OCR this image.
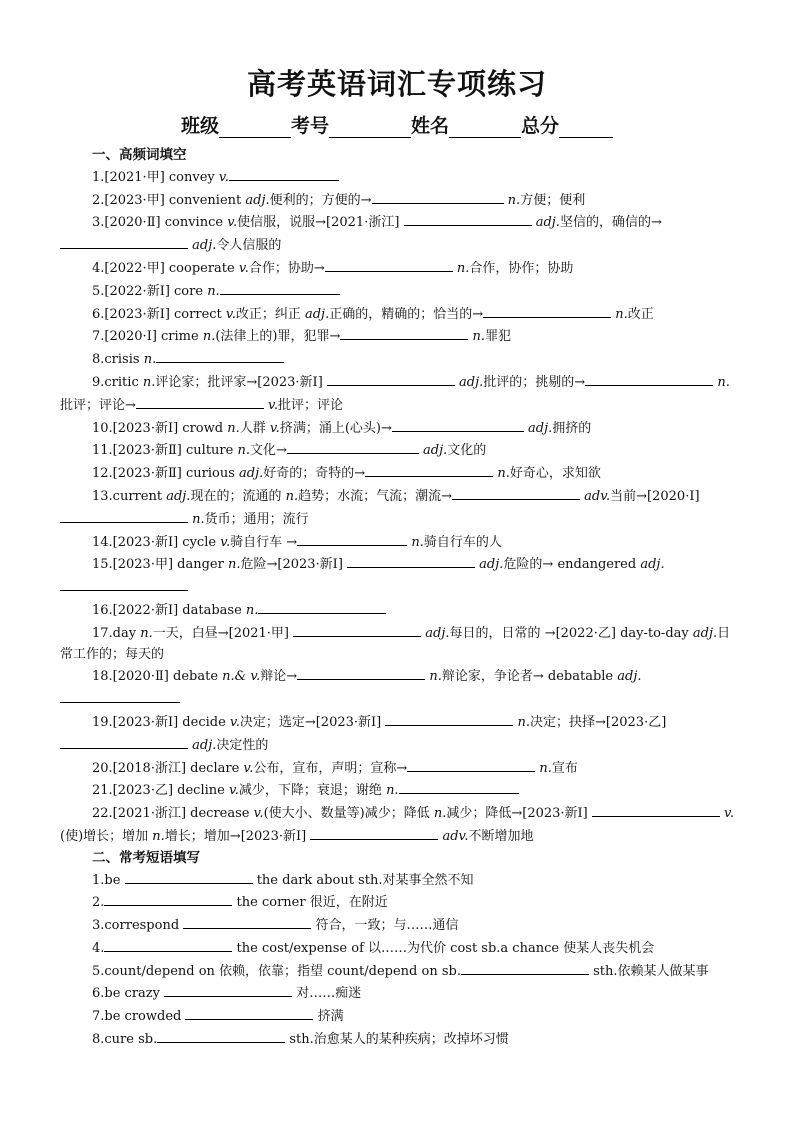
高考英语词汇专项练习
班级	考号	姓名	总分
一、高频词填空
1.[2021·甲] convey v.
2.[2023·甲] convenient adj.便利的；方便的→	n.方便；便利
3.[2020·Ⅱ] convince v.使信服，说服→[2021·浙江]	adj.坚信的，确信的→ adj.令人信服的
4.[2022·甲] cooperate v.合作；协助→	n.合作，协作；协助
5.[2022·新Ⅰ] core n.
6.[2023·新Ⅰ] correct v.改正；纠正 adj.正确的，精确的；恰当的→	n.改正
7.[2020·Ⅰ] crime n.(法律上的)罪，犯罪→	n.罪犯
8.crisis n.
9.critic n.评论家；批评家→[2023·新Ⅰ]	adj.批评的；挑剔的→	n.批评；评论→	v.批评；评论
10.[2023·新Ⅰ] crowd n.人群 v.挤满；涌上(心头)→	adj.拥挤的
11.[2023·新Ⅱ] culture n.文化→	adj.文化的
12.[2023·新Ⅱ] curious adj.好奇的；奇特的→	n.好奇心，求知欲
13.current adj.现在的；流通的 n.趋势；水流；气流；潮流→	adv.当前→[2020·Ⅰ]  n.货币；通用；流行
14.[2023·新Ⅰ] cycle v.骑自行车 →	n.骑自行车的人
15.[2023·甲] danger n.危险→[2023·新Ⅰ]	adj.危险的→ endangered adj.
16.[2022·新Ⅰ] database n.
17.day n.一天，白昼→[2021·甲]	adj.每日的，日常的 →[2022·乙] day-to-day adj.日常工作的；每天的
18.[2020·Ⅱ] debate n.& v.辩论→	n.辩论家，争论者→ debatable adj.
19.[2023·新Ⅰ] decide v.决定；选定→[2023·新Ⅰ]	n.决定；抉择→[2023·乙]  adj.决定性的
20.[2018·浙江] declare v.公布，宣布，声明；宣称→	n.宣布
21.[2023·乙] decline v.减少，下降；衰退；谢绝 n.
22.[2021·浙江] decrease v.(使大小、数量等)减少；降低 n.减少；降低→[2023·新Ⅰ]	v.(使)增长；增加 n.增长；增加→[2023·新Ⅰ]	adv.不断增加地
二、常考短语填写
1.be	the dark about sth.对某事全然不知
2.	the corner 很近，在附近
3.correspond	符合，一致；与……通信
4.	the cost/expense of 以……为代价 cost sb.a chance 使某人丧失机会
5.count/depend on 依赖，依靠；指望 count/depend on sb.	sth.依赖某人做某事
6.be crazy	对……痴迷
7.be crowded	挤满
8.cure sb.	sth.治愈某人的某种疾病；改掉坏习惯
